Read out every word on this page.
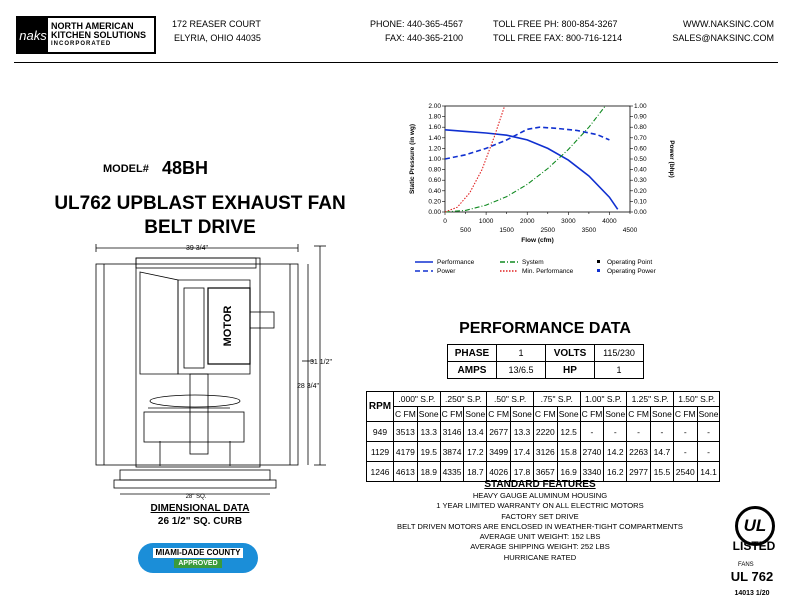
naks
NORTH AMERICAN
KITCHEN SOLUTIONS
INCORPORATED
172 REASER COURT
ELYRIA, OHIO 44035
PHONE: 440-365-4567
FAX: 440-365-2100
TOLL FREE PH: 800-854-3267
TOLL FREE FAX: 800-716-1214
WWW.NAKSINC.COM
SALES@NAKSINC.COM
MODEL# 48BH
UL762 UPBLAST EXHAUST FAN
BELT DRIVE
39 3/4"
31 1/2"
28 3/4"
28" SQ.
MOTOR
DIMENSIONAL DATA
26 1/2" SQ. CURB
MIAMI-DADE COUNTY
APPROVED
0.00	0.00
0.20	0.10
0.40	0.20
0.60	0.30
0.80	0.40
1.00	0.50
1.20	0.60
1.40	0.70
1.60	0.80
1.80	0.90
2.00	1.00
0	1000	2000	3000	4000
500	1500	2500	3500	4500
Flow (cfm)
Static Pressure (in wg)	Power (bhp)
Performance	System	Operating Point
Power	Min. Performance	Operating Power
PERFORMANCE DATA
PHASE	1	VOLTS	115/230
AMPS	13/6.5	HP	1
RPM	.000" S.P.		.250" S.P.		.50" S.P.		.75" S.P.		1.00" S.P.		1.25" S.P.		1.50" S.P.	
	C FM	Sone	C FM	Sone	C FM	Sone	C FM	Sone	C FM	Sone	C FM	Sone	C FM	Sone
949	3513	13.3	3146	13.4	2677	13.3	2220	12.5	-	-	-	-	-	-
1129	4179	19.5	3874	17.2	3499	17.4	3126	15.8	2740	14.2	2263	14.7	-	-
1246	4613	18.9	4335	18.7	4026	17.8	3657	16.9	3340	16.2	2977	15.5	2540	14.1
STANDARD FEATURES
HEAVY GAUGE ALUMINUM HOUSING
1 YEAR LIMITED WARRANTY ON ALL ELECTRIC MOTORS
FACTORY SET DRIVE
BELT DRIVEN MOTORS ARE ENCLOSED IN WEATHER-TIGHT COMPARTMENTS
AVERAGE UNIT WEIGHT: 152 LBS
AVERAGE SHIPPING WEIGHT: 252 LBS
HURRICANE RATED
UL
LISTED
FANS
UL 762
14013 1/20
